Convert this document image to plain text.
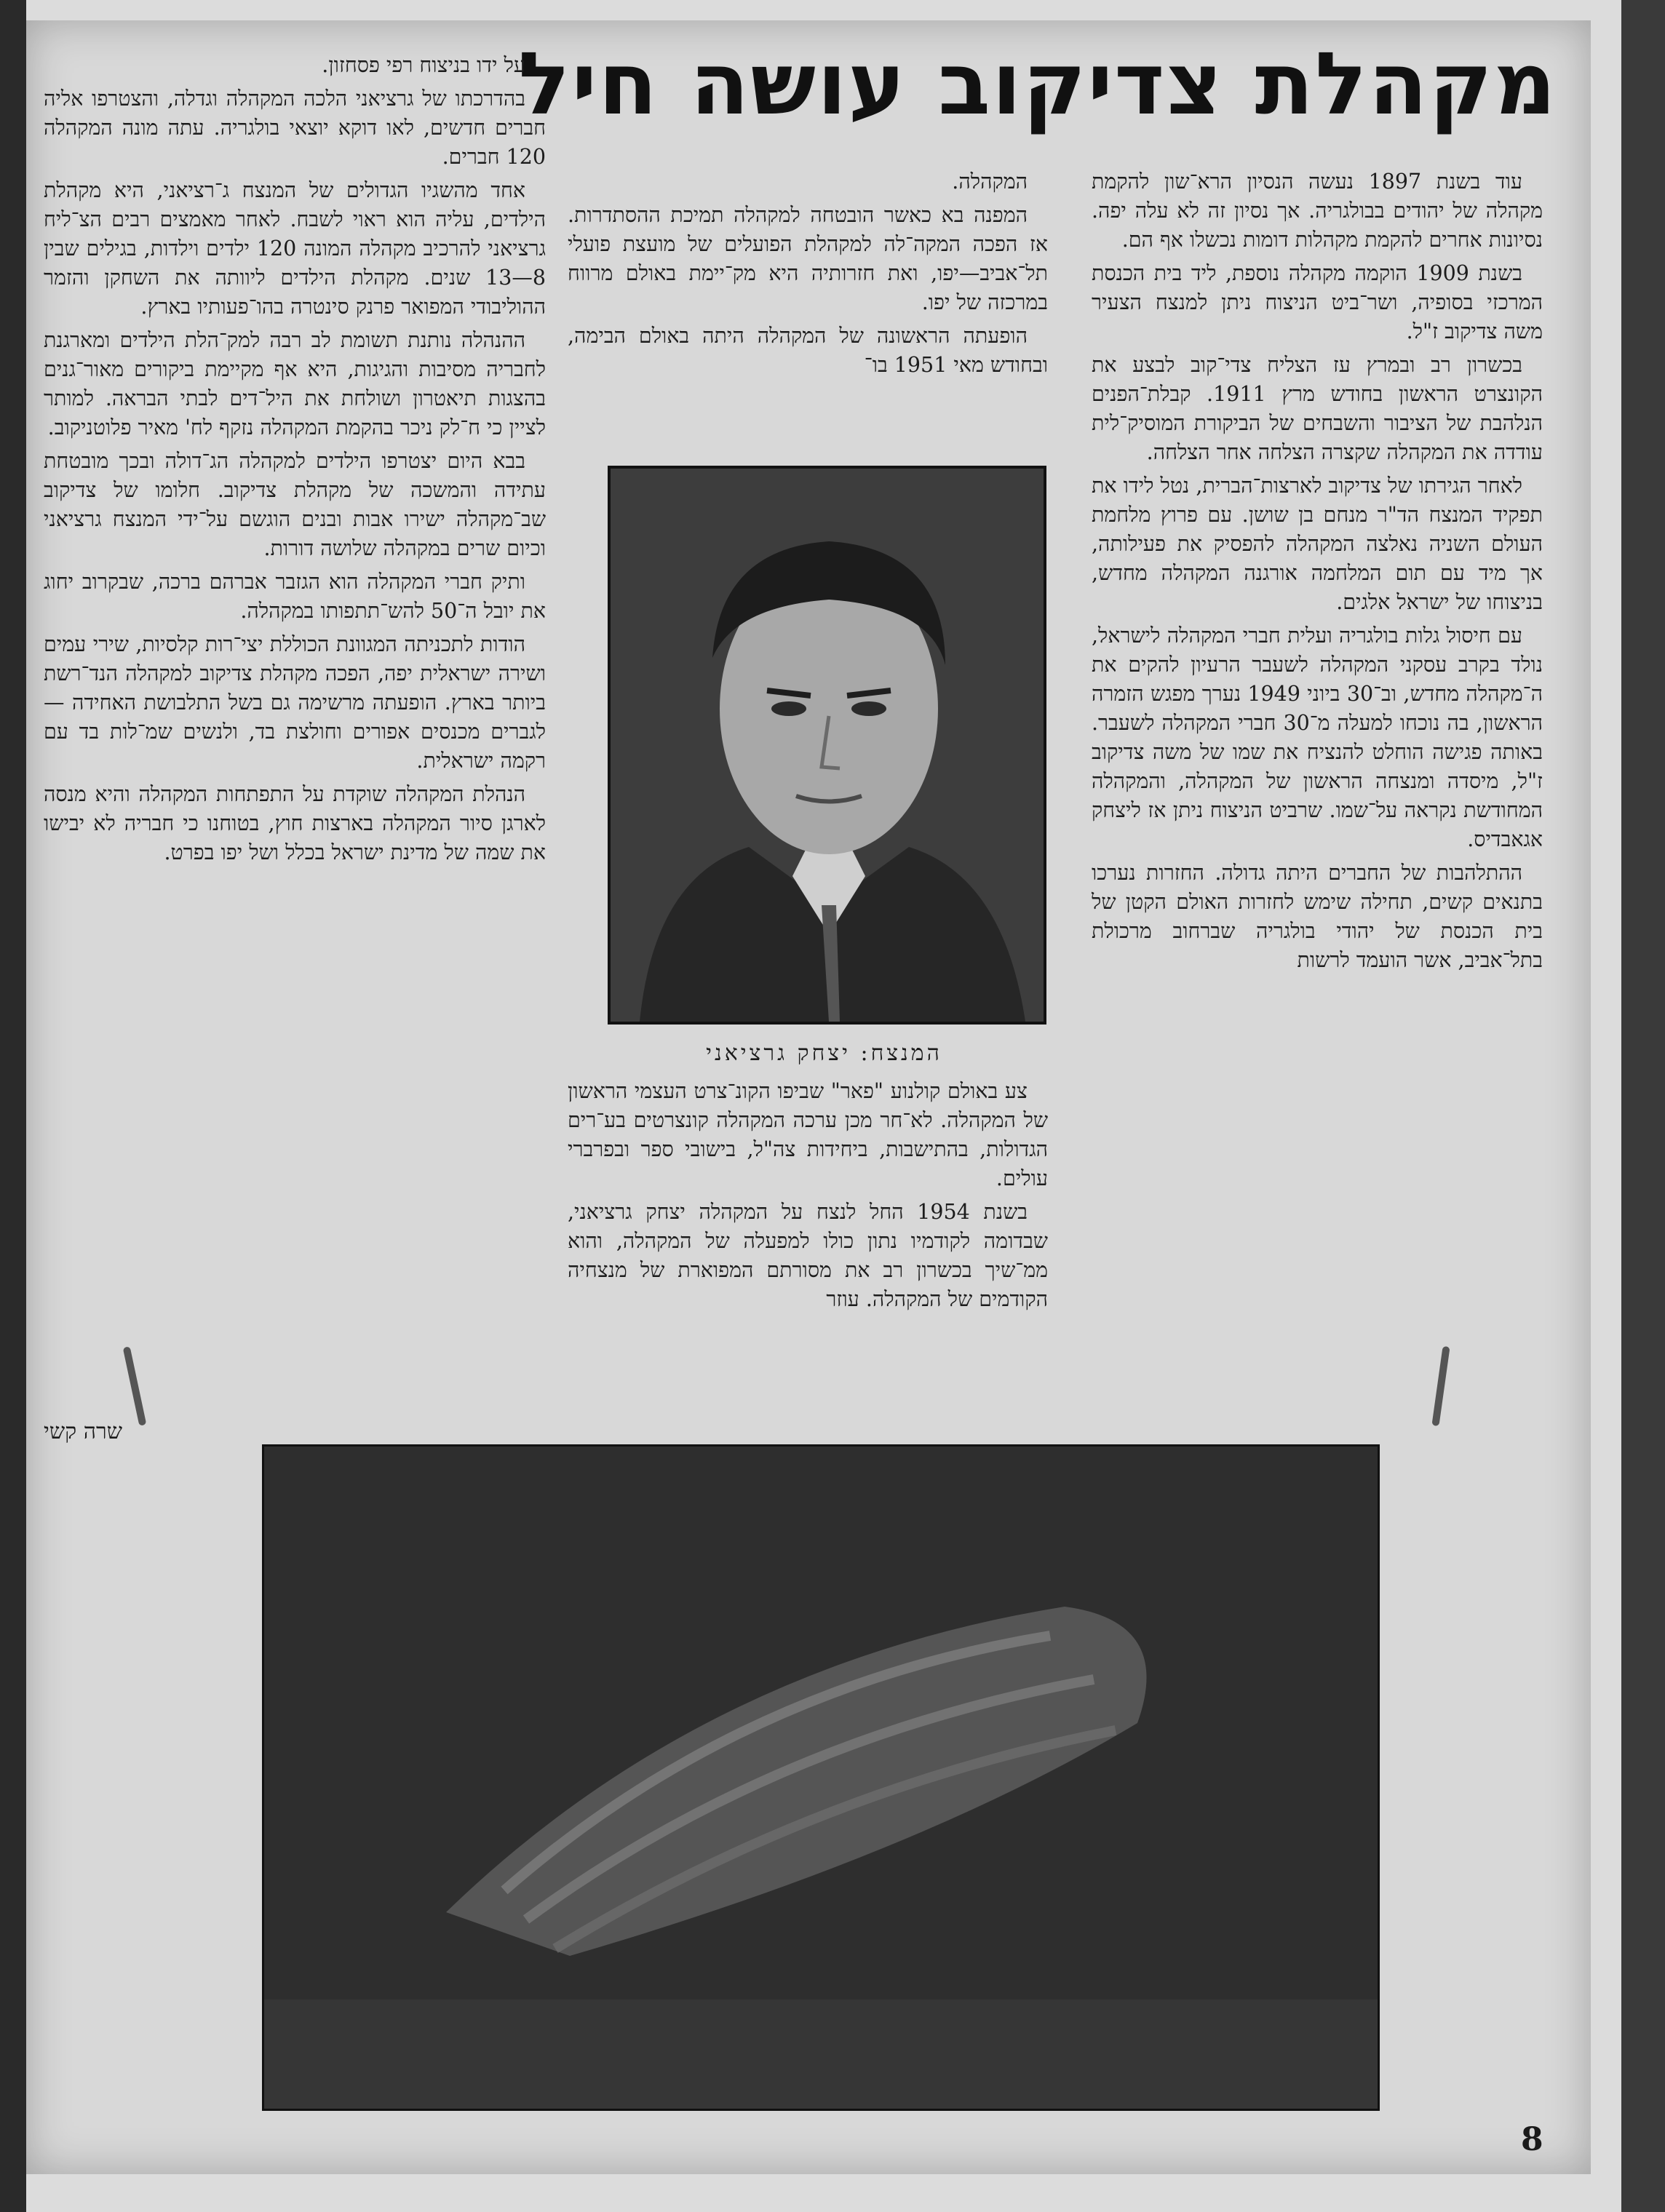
מקהלת צדיקוב עושה חיל

עוד בשנת 1897 נעשה הנסיון הרא־שון להקמת מקהלה של יהודים בבולגריה. אך נסיון זה לא עלה יפה. נסיונות אחרים להקמת מקהלות דומות נכשלו אף הם.

בשנת 1909 הוקמה מקהלה נוספת, ליד בית הכנסת המרכזי בסופיה, ושר־ביט הניצוח ניתן למנצח הצעיר משה צדיקוב ז"ל.

בכשרון רב ובמרץ עז הצליח צדי־קוב לבצע את הקונצרט הראשון בחודש מרץ 1911. קבלת־הפנים הנלהבת של הציבור והשבחים של הביקורת המוסיק־לית עודדה את המקהלה שקצרה הצלחה אחר הצלחה.

לאחר הגירתו של צדיקוב לארצות־הברית, נטל לידו את תפקיד המנצח הד"ר מנחם בן שושן. עם פרוץ מלחמת העולם השניה נאלצה המקהלה להפסיק את פעילותה, אך מיד עם תום המלחמה אורגנה המקהלה מחדש, בניצוחו של ישראל אלגים.

עם חיסול גלות בולגריה ועלית חברי המקהלה לישראל, נולד בקרב עסקני המקהלה לשעבר הרעיון להקים את ה־מקהלה מחדש, וב־30 ביוני 1949 נערך מפגש הזמרה הראשון, בה נוכחו למעלה מ־30 חברי המקהלה לשעבר. באותה פגישה הוחלט להנציח את שמו של משה צדיקוב ז"ל, מיסדה ומנצחה הראשון של המקהלה, והמקהלה המחודשת נקראה על־שמו. שרביט הניצוח ניתן אז ליצחק אגאבדיס.

ההתלהבות של החברים היתה גדולה. החזרות נערכו בתנאים קשים, תחילה שימש לחזרות האולם הקטן של בית הכנסת של יהודי בולגריה שברחוב מרכולת בתל־אביב, אשר הועמד לרשות

המקהלה.

המפנה בא כאשר הובטחה למקהלה תמיכת ההסתדרות. אז הפכה המקה־לה למקהלת הפועלים של מועצת פועלי תל־אביב—יפו, ואת חזרותיה היא מק־יימת באולם מרווח במרכזה של יפו.

הופעתה הראשונה של המקהלה היתה באולם הבימה, ובחודש מאי 1951 בו־

המנצח: יצחק גרציאני

צע באולם קולנוע "פאר" שביפו הקונ־צרט העצמי הראשון של המקהלה. לא־חר מכן ערכה המקהלה קונצרטים בע־רים הגדולות, בהתישבות, ביחידות צה"ל, בישובי ספר ובפרברי עולים.

בשנת 1954 החל לנצח על המקהלה יצחק גרציאני, שבדומה לקודמיו נתון כולו למפעלה של המקהלה, והוא ממ־שיך בכשרון רב את מסורתם המפוארת של מנצחיה הקודמים של המקהלה. עוזר

על ידו בניצוח רפי פסחזון.

בהדרכתו של גרציאני הלכה המקהלה וגדלה, והצטרפו אליה חברים חדשים, לאו דוקא יוצאי בולגריה. עתה מונה המקהלה 120 חברים.

אחד מהשגיו הגדולים של המנצח ג־רציאני, היא מקהלת הילדים, עליה הוא ראוי לשבח. לאחר מאמצים רבים הצ־ליח גרציאני להרכיב מקהלה המונה 120 ילדים וילדות, בגילים שבין 8—13 שנים. מקהלת הילדים ליוותה את השחקן והזמר ההוליבודי המפואר פרנק סינטרה בהו־פעותיו בארץ.

ההנהלה נותנת תשומת לב רבה למק־הלת הילדים ומארגנת לחבריה מסיבות והגיגות, היא אף מקיימת ביקורים מאור־גנים בהצגות תיאטרון ושולחת את היל־דים לבתי הבראה. למותר לציין כי ח־לק ניכר בהקמת המקהלה נזקף לח' מאיר פלוטניקוב.

בבא היום יצטרפו הילדים למקהלה הג־דולה ובכך מובטחת עתידה והמשכה של מקהלת צדיקוב. חלומו של צדיקוב שב־מקהלה ישירו אבות ובנים הוגשם על־ידי המנצח גרציאני וכיום שרים במקהלה שלושה דורות.

ותיק חברי המקהלה הוא הגזבר אברהם ברכה, שבקרוב יחוג את יובל ה־50 להש־תתפותו במקהלה.

הודות לתכניתה המגוונת הכוללת יצי־רות קלסיות, שירי עמים ושירה ישראלית יפה, הפכה מקהלת צדיקוב למקהלה הנד־רשת ביותר בארץ. הופעתה מרשימה גם בשל התלבושת האחידה — לגברים מכנסים אפורים וחולצת בד, ולנשים שמ־לות בד עם רקמה ישראלית.

הנהלת המקהלה שוקדת על התפתחות המקהלה והיא מנסה לארגן סיור המקהלה בארצות חוץ, בטוחנו כי חבריה לא יבישו את שמה של מדינת ישראל בכלל ושל יפו בפרט.

שרה קשי
8
